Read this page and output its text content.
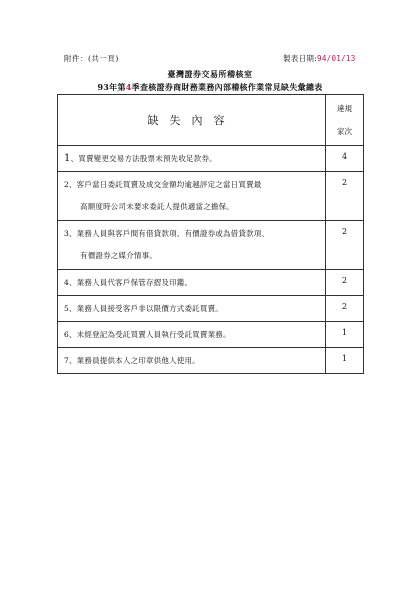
附件：(共一頁)	製表日期:94/01/13
臺灣證券交易所稽核室
93年第4季查核證券商財務業務內部稽核作業常見缺失彙總表
缺失內容	違規
家次
1、買賣變更交易方法股票未預先收足款券。	4
2、客戶當日委託買賣及成交金額均逾越評定之當日買賣最
高額度時公司未要求委託人提供適當之擔保。	2
3、業務人員與客戶間有借貸款項、有價證券或為借貸款項、
有價證券之媒介情事。	2
4、業務人員代客戶保管存摺及印鑑。	2
5、業務人員接受客戶非以限價方式委託買賣。	2
6、未經登記為受託買賣人員執行受託買賣業務。	1
7、業務員提供本人之印章供他人使用。	1
